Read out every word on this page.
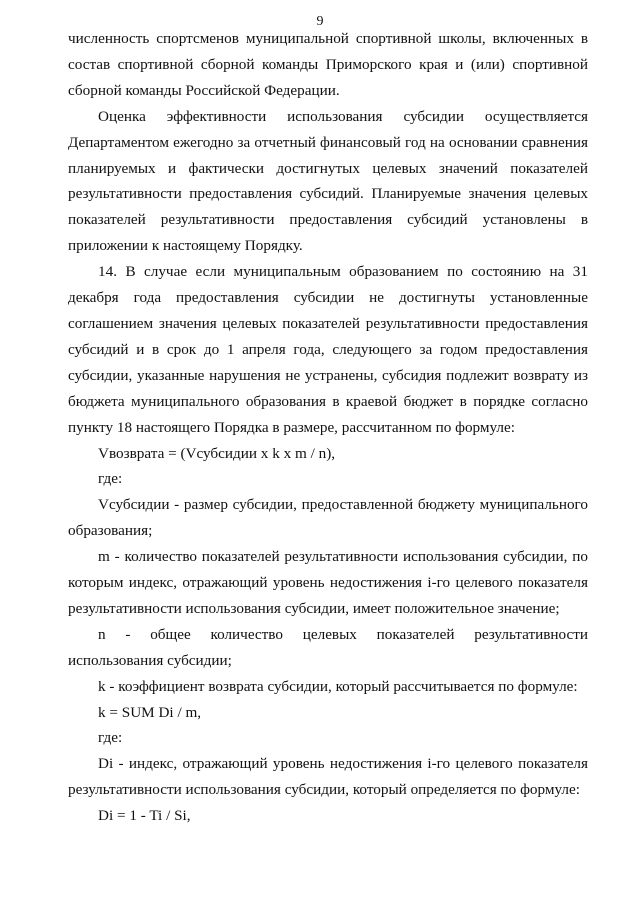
9

численность спортсменов муниципальной спортивной школы, включенных в состав спортивной сборной команды Приморского края и (или) спортивной сборной команды Российской Федерации.

Оценка эффективности использования субсидии осуществляется Департаментом ежегодно за отчетный финансовый год на основании сравнения планируемых и фактически достигнутых целевых значений показателей результативности предоставления субсидий. Планируемые значения целевых показателей результативности предоставления субсидий установлены в приложении к настоящему Порядку.

14. В случае если муниципальным образованием по состоянию на 31 декабря года предоставления субсидии не достигнуты установленные соглашением значения целевых показателей результативности предоставления субсидий и в срок до 1 апреля года, следующего за годом предоставления субсидии, указанные нарушения не устранены, субсидия подлежит возврату из бюджета муниципального образования в краевой бюджет в порядке согласно пункту 18 настоящего Порядка в размере, рассчитанном по формуле:

Vвозврата = (Vсубсидии x k x m / n),

где:

Vсубсидии - размер субсидии, предоставленной бюджету муниципального образования;

m - количество показателей результативности использования субсидии, по которым индекс, отражающий уровень недостижения i-го целевого показателя результативности использования субсидии, имеет положительное значение;

n - общее количество целевых показателей результативности использования субсидии;

k - коэффициент возврата субсидии, который рассчитывается по формуле:

k = SUM Di / m,

где:

Di - индекс, отражающий уровень недостижения i-го целевого показателя результативности использования субсидии, который определяется по формуле:

Di = 1 - Ti / Si,
